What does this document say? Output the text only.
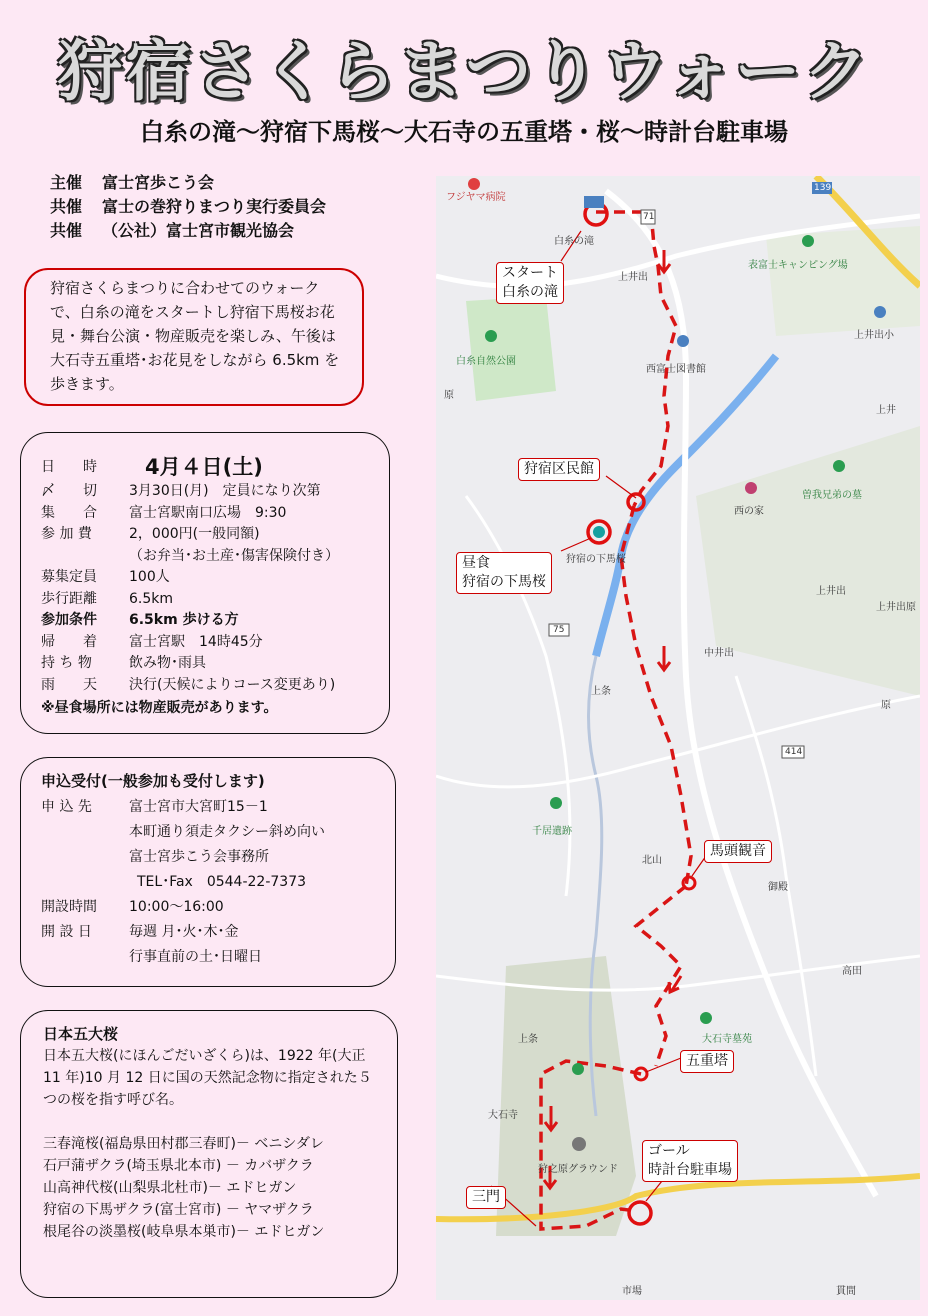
狩宿さくらまつりウォーク
白糸の滝～狩宿下馬桜～大石寺の五重塔・桜～時計台駐車場
主催 富士宮歩こう会
共催 富士の巻狩りまつり実行委員会
共催 （公社）富士宮市観光協会
狩宿さくらまつりに合わせてのウォークで、白糸の滝をスタートし狩宿下馬桜お花見・舞台公演・物産販売を楽しみ、午後は大石寺五重塔･お花見をしながら 6.5km を歩きます。
日　　時	4月４日(土)
〆　　切	3月30日(月)　定員になり次第
集　　合	富士宮駅南口広場　9:30
参 加 費	2，000円(一般同額)
（お弁当･お土産･傷害保険付き）
募集定員	100人
歩行距離	6.5km
参加条件	6.5km 歩ける方
帰　　着	富士宮駅　14時45分
持 ち 物	飲み物･雨具
雨　　天	決行(天候によりコース変更あり)
※昼食場所には物産販売があります。
申込受付(一般参加も受付します)
申 込 先	富士宮市大宮町15－1
本町通り須走タクシー斜め向い
富士宮歩こう会事務所
TEL･Fax　0544-22-7373
開設時間	10:00～16:00
開 設 日	毎週 月･火･木･金
行事直前の土･日曜日
日本五大桜
日本五大桜(にほんごだいざくら)は、1922 年(大正 11 年)10 月 12 日に国の天然記念物に指定された５つの桜を指す呼び名。
三春滝桜(福島県田村郡三春町)－ ベニシダレ
石戸蒲ザクラ(埼玉県北本市) － カバザクラ
山高神代桜(山梨県北杜市)－ エドヒガン
狩宿の下馬ザクラ(富士宮市) － ヤマザクラ
根尾谷の淡墨桜(岐阜県本巣市)－ エドヒガン
フジヤマ病院
白糸の滝
表富士キャンピング場
上井出
上井出小
白糸自然公園
西富士図書館
原
西の家
曽我兄弟の墓
狩宿の下馬桜
上井出
上井出原
中井出
上条
千居遺跡
北山
御殿
高田
大石寺墓苑
上条
大石寺
狩之原グラウンド
市場	貫間
上井
原
139
71
75
414
スタート
白糸の滝
狩宿区民館
昼食
狩宿の下馬桜
馬頭観音
五重塔
ゴール
時計台駐車場
三門
